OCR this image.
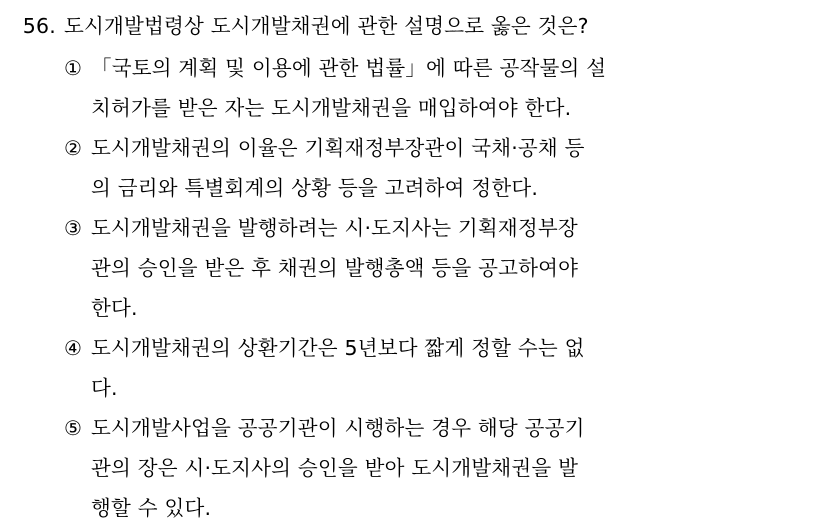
56. 도시개발법령상 도시개발채권에 관한 설명으로 옳은 것은?
① 「국토의 계획 및 이용에 관한 법률」에 따른 공작물의 설
치허가를 받은 자는 도시개발채권을 매입하여야 한다.
② 도시개발채권의 이율은 기획재정부장관이 국채·공채 등
의 금리와 특별회계의 상황 등을 고려하여 정한다.
③ 도시개발채권을 발행하려는 시·도지사는 기획재정부장
관의 승인을 받은 후 채권의 발행총액 등을 공고하여야
한다.
④ 도시개발채권의 상환기간은 5년보다 짧게 정할 수는 없
다.
⑤ 도시개발사업을 공공기관이 시행하는 경우 해당 공공기
관의 장은 시·도지사의 승인을 받아 도시개발채권을 발
행할 수 있다.
